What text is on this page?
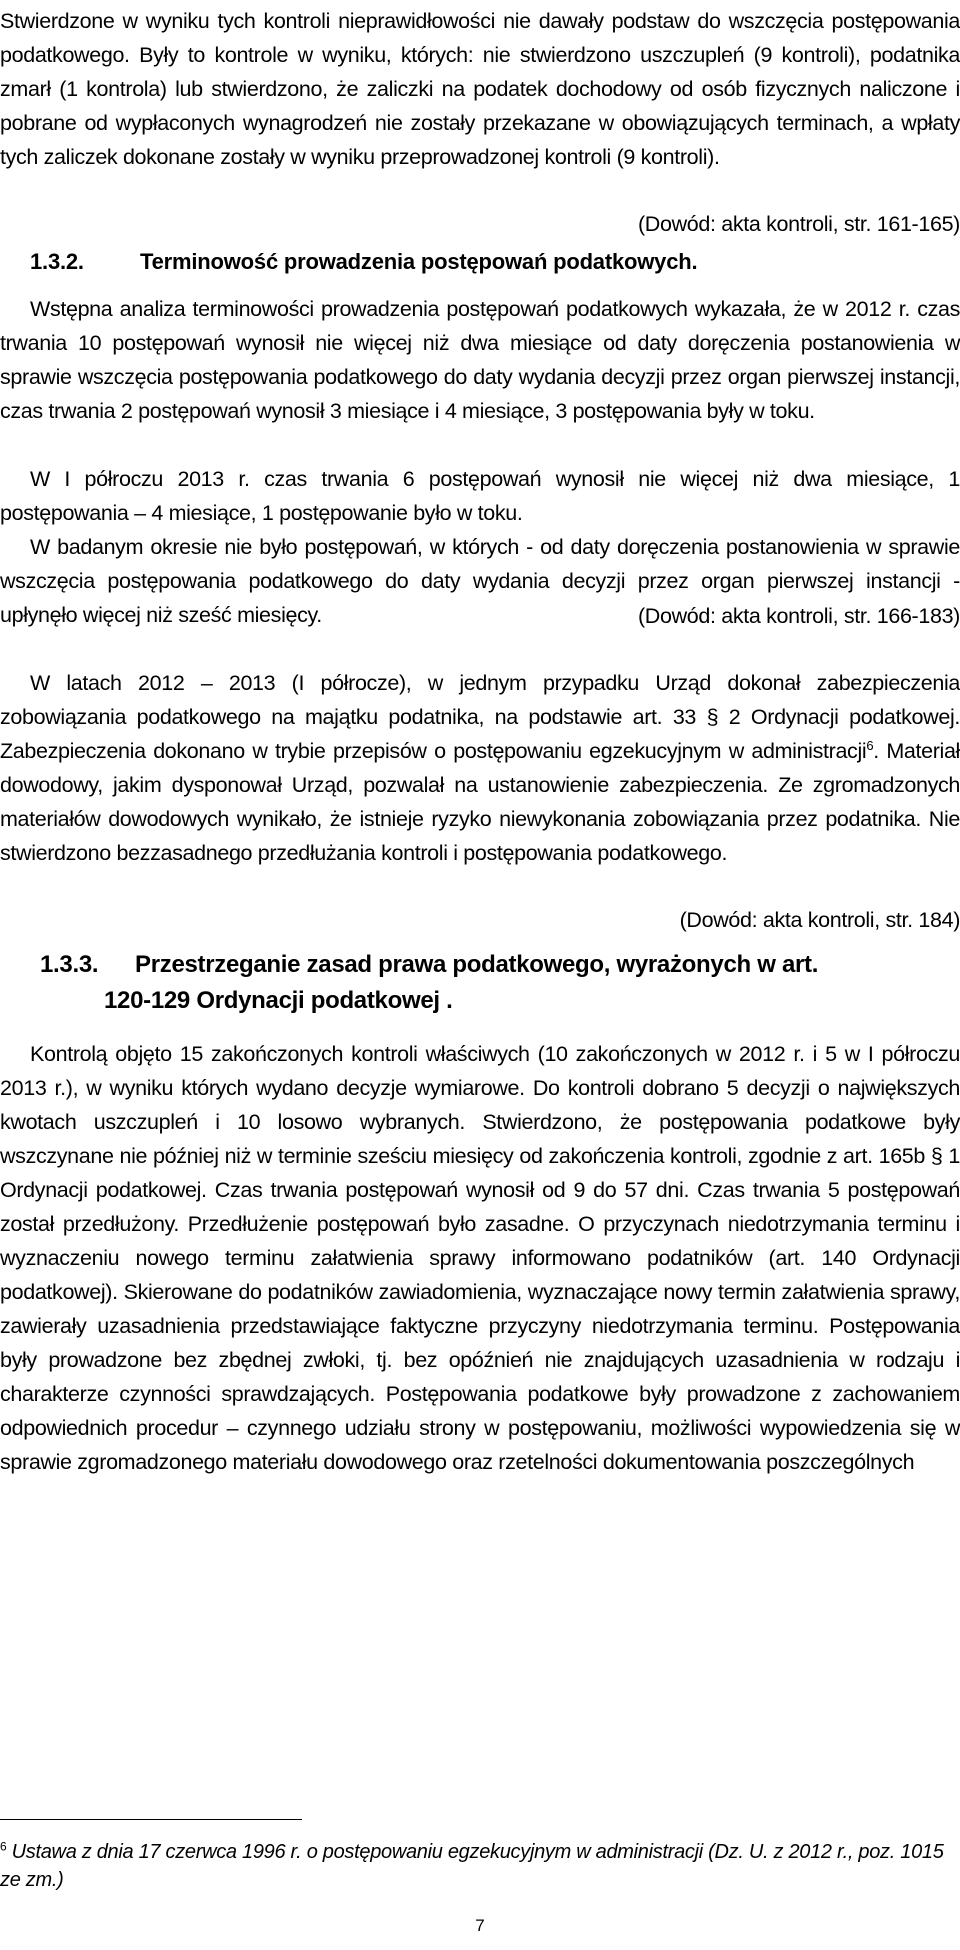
Stwierdzone w wyniku tych kontroli nieprawidłowości nie dawały podstaw do wszczęcia postępowania podatkowego. Były to kontrole w wyniku, których: nie stwierdzono uszczupleń (9 kontroli), podatnika zmarł (1 kontrola) lub stwierdzono, że zaliczki na podatek dochodowy od osób fizycznych naliczone i pobrane od wypłaconych wynagrodzeń nie zostały przekazane w obowiązujących terminach, a wpłaty tych zaliczek dokonane zostały w wyniku przeprowadzonej kontroli (9 kontroli).
(Dowód: akta kontroli, str. 161-165)
1.3.2.	Terminowość prowadzenia postępowań podatkowych.
Wstępna analiza terminowości prowadzenia postępowań podatkowych wykazała, że w 2012 r. czas trwania 10 postępowań wynosił nie więcej niż dwa miesiące od daty doręczenia postanowienia w sprawie wszczęcia postępowania podatkowego do daty wydania decyzji przez organ pierwszej instancji, czas trwania 2 postępowań wynosił 3 miesiące i 4 miesiące, 3 postępowania były w toku.
W I półroczu 2013 r. czas trwania 6 postępowań wynosił nie więcej niż dwa miesiące, 1 postępowania – 4 miesiące, 1 postępowanie było w toku.
W badanym okresie nie było postępowań, w których - od daty doręczenia postanowienia w sprawie wszczęcia postępowania podatkowego do daty wydania decyzji przez organ pierwszej instancji - upłynęło więcej niż sześć miesięcy.	(Dowód: akta kontroli, str. 166-183)
W latach 2012 – 2013 (I półrocze), w jednym przypadku Urząd dokonał zabezpieczenia zobowiązania podatkowego na majątku podatnika, na podstawie art. 33 § 2 Ordynacji podatkowej. Zabezpieczenia dokonano w trybie przepisów o postępowaniu egzekucyjnym w administracji$^6$. Materiał dowodowy, jakim dysponował Urząd, pozwalał na ustanowienie zabezpieczenia. Ze zgromadzonych materiałów dowodowych wynikało, że istnieje ryzyko niewykonania zobowiązania przez podatnika. Nie stwierdzono bezzasadnego przedłużania kontroli i postępowania podatkowego.
(Dowód: akta kontroli, str. 184)
1.3.3. Przestrzeganie zasad prawa podatkowego, wyrażonych w art.
120-129 Ordynacji podatkowej .
Kontrolą objęto 15 zakończonych kontroli właściwych (10 zakończonych w 2012 r. i 5 w I półroczu 2013 r.), w wyniku których wydano decyzje wymiarowe. Do kontroli dobrano 5 decyzji o największych kwotach uszczupleń i 10 losowo wybranych. Stwierdzono, że postępowania podatkowe były wszczynane nie później niż w terminie sześciu miesięcy od zakończenia kontroli, zgodnie z art. 165b § 1 Ordynacji podatkowej. Czas trwania postępowań wynosił od 9 do 57 dni. Czas trwania 5 postępowań został przedłużony. Przedłużenie postępowań było zasadne. O przyczynach niedotrzymania terminu i wyznaczeniu nowego terminu załatwienia sprawy informowano podatników (art. 140 Ordynacji podatkowej). Skierowane do podatników zawiadomienia, wyznaczające nowy termin załatwienia sprawy, zawierały uzasadnienia przedstawiające faktyczne przyczyny niedotrzymania terminu. Postępowania były prowadzone bez zbędnej zwłoki, tj. bez opóźnień nie znajdujących uzasadnienia w rodzaju i charakterze czynności sprawdzających. Postępowania podatkowe były prowadzone z zachowaniem odpowiednich procedur – czynnego udziału strony w postępowaniu, możliwości wypowiedzenia się w sprawie zgromadzonego materiału dowodowego oraz rzetelności dokumentowania poszczególnych
$^6$ Ustawa z dnia 17 czerwca 1996 r. o postępowaniu egzekucyjnym w administracji (Dz. U. z 2012 r., poz. 1015 ze zm.)
7
